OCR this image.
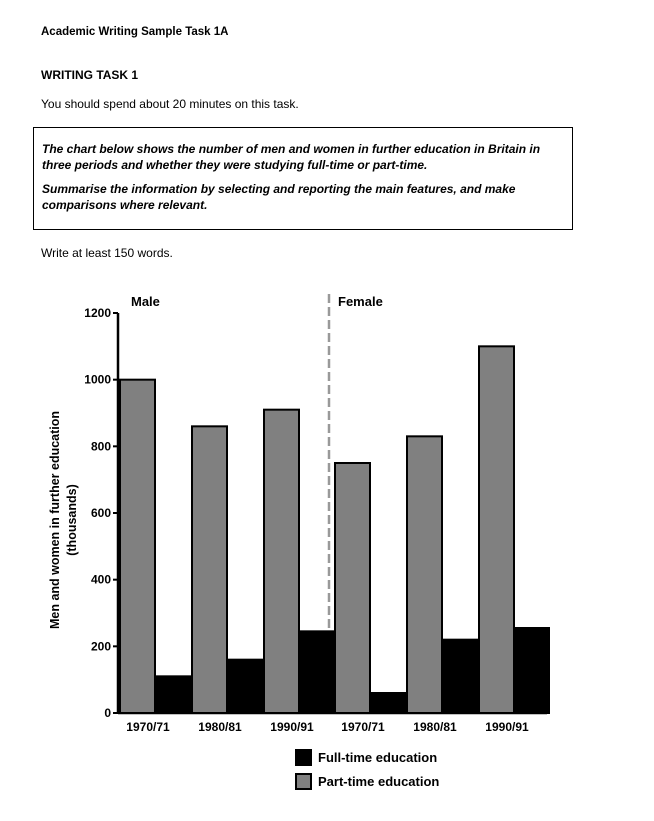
Academic Writing Sample Task 1A
WRITING TASK 1
You should spend about 20 minutes on this task.

The chart below shows the number of men and women in further education in Britain in three periods and whether they were studying full-time or part-time.

Summarise the information by selecting and reporting the main features, and make comparisons where relevant.

Write at least 150 words.
Men and women in further education (thousands)
0
200
400
600
800
1000
1200
Male	Female
1970/71 1980/81 1990/91 1970/71 1980/81 1990/91
Full-time education
Part-time education
